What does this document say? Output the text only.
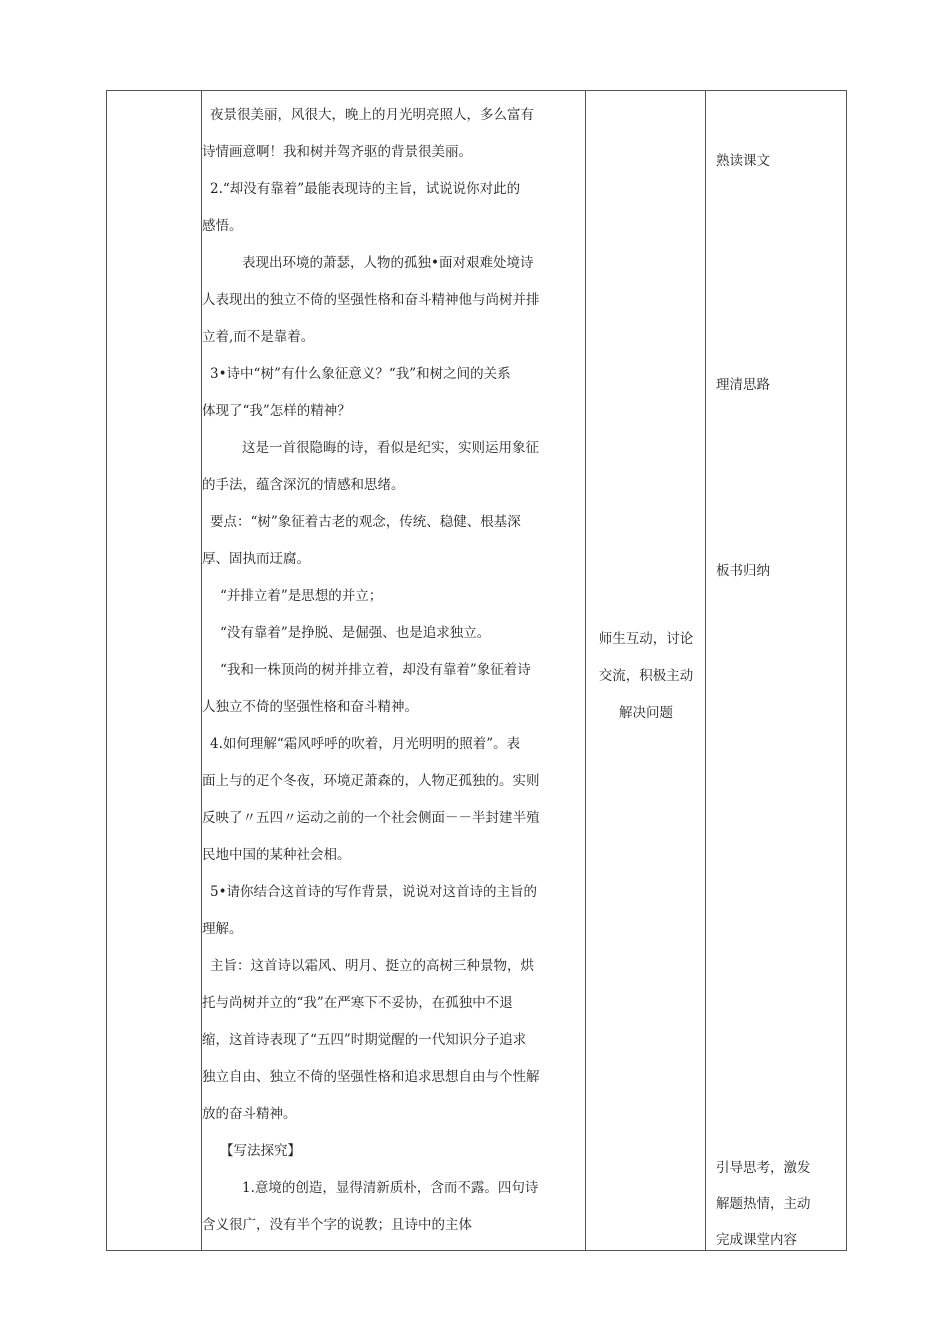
夜景很美丽，风很大，晚上的月光明亮照人，多么富有

诗情画意啊！我和树并驾齐驱的背景很美丽。

2.“却没有靠着”最能表现诗的主旨，试说说你对此的

感悟。

表现出环境的萧瑟，人物的孤独•面对艰难处境诗

人表现出的独立不倚的坚强性格和奋斗精神他与尚树并排

立着,而不是靠着。

3•诗中“树”有什么象征意义？“我”和树之间的关系

体现了“我”怎样的精神？

这是一首很隐晦的诗，看似是纪实，实则运用象征

的手法，蕴含深沉的情感和思绪。

要点：“树”象征着古老的观念，传统、稳健、根基深

厚、固执而迂腐。

“并排立着”是思想的并立；

“没有靠着”是挣脱、是倔强、也是追求独立。

“我和一株顶尚的树并排立着，却没有靠着”象征着诗

人独立不倚的坚强性格和奋斗精神。

4.如何理解“霜风呼呼的吹着，月光明明的照着”。表

面上与的疋个冬夜，环境疋萧森的，人物疋孤独的。实则

反映了〃五四〃运动之前的一个社会侧面－－半封建半殖

民地中国的某种社会相。

5•请你结合这首诗的写作背景，说说对这首诗的主旨的

理解。

主旨：这首诗以霜风、明月、挺立的高树三种景物，烘

托与尚树并立的“我”在严寒下不妥协，在孤独中不退

缩，这首诗表现了“五四”时期觉醒的一代知识分子追求

独立自由、独立不倚的坚强性格和追求思想自由与个性解

放的奋斗精神。

【写法探究】

1.意境的创造，显得清新质朴，含而不露。四句诗

含义很广，没有半个字的说教；且诗中的主体

师生互动，讨论
交流，积极主动
解决问题

熟读课文

理清思路

板书归纳

引导思考，激发

解题热情，主动

完成课堂内容
